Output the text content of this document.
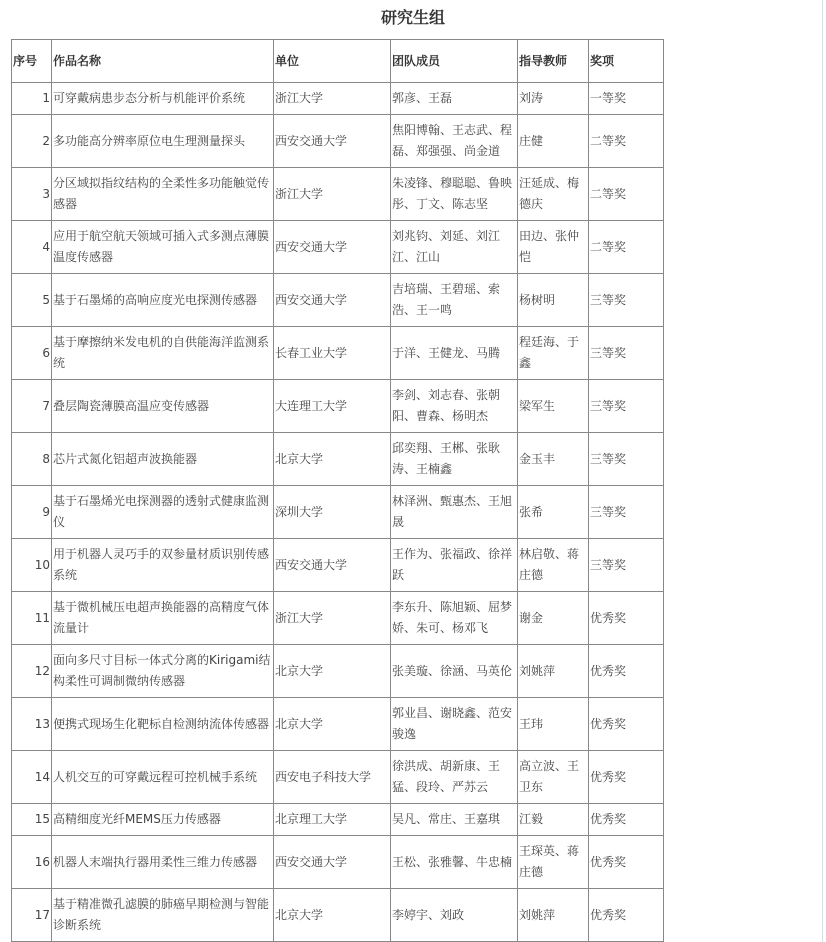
研究生组
序号	作品名称	单位	团队成员	指导教师	奖项
1	可穿戴病患步态分析与机能评价系统	浙江大学	郭彦、王磊	刘涛	一等奖
2	多功能高分辨率原位电生理测量探头	西安交通大学	焦阳博翰、王志武、程磊、郑强强、尚金道	庄健	二等奖
3	分区域拟指纹结构的全柔性多功能触觉传感器	浙江大学	朱凌锋、穆聪聪、鲁映彤、丁文、陈志坚	汪延成、梅德庆	二等奖
4	应用于航空航天领域可插入式多测点薄膜温度传感器	西安交通大学	刘兆钧、刘延、刘江江、江山	田边、张仲恺	二等奖
5	基于石墨烯的高响应度光电探测传感器	西安交通大学	吉培瑞、王碧瑶、索浩、王一鸣	杨树明	三等奖
6	基于摩擦纳米发电机的自供能海洋监测系统	长春工业大学	于洋、王健龙、马腾	程廷海、于鑫	三等奖
7	叠层陶瓷薄膜高温应变传感器	大连理工大学	李剑、刘志春、张朝阳、曹森、杨明杰	梁军生	三等奖
8	芯片式氮化铝超声波换能器	北京大学	邱奕翔、王郴、张耿涛、王楠鑫	金玉丰	三等奖
9	基于石墨烯光电探测器的透射式健康监测仪	深圳大学	林泽洲、甄惠杰、王旭晟	张希	三等奖
10	用于机器人灵巧手的双参量材质识别传感系统	西安交通大学	王作为、张福政、徐祥跃	林启敬、蒋庄德	三等奖
11	基于微机械压电超声换能器的高精度气体流量计	浙江大学	李东升、陈旭颖、屈梦娇、朱可、杨邓飞	谢金	优秀奖
12	面向多尺寸目标一体式分离的Kirigami结构柔性可调制微纳传感器	北京大学	张美璇、徐涵、马英伦	刘姚萍	优秀奖
13	便携式现场生化靶标自检测纳流体传感器	北京大学	郭业昌、谢晓鑫、范安骏逸	王玮	优秀奖
14	人机交互的可穿戴远程可控机械手系统	西安电子科技大学	徐洪成、胡新康、王猛、段玲、严苏云	高立波、王卫东	优秀奖
15	高精细度光纤MEMS压力传感器	北京理工大学	吴凡、常庄、王嘉琪	江毅	优秀奖
16	机器人末端执行器用柔性三维力传感器	西安交通大学	王松、张雅馨、牛忠楠	王琛英、蒋庄德	优秀奖
17	基于精准微孔滤膜的肺癌早期检测与智能诊断系统	北京大学	李婷宇、刘政	刘姚萍	优秀奖
